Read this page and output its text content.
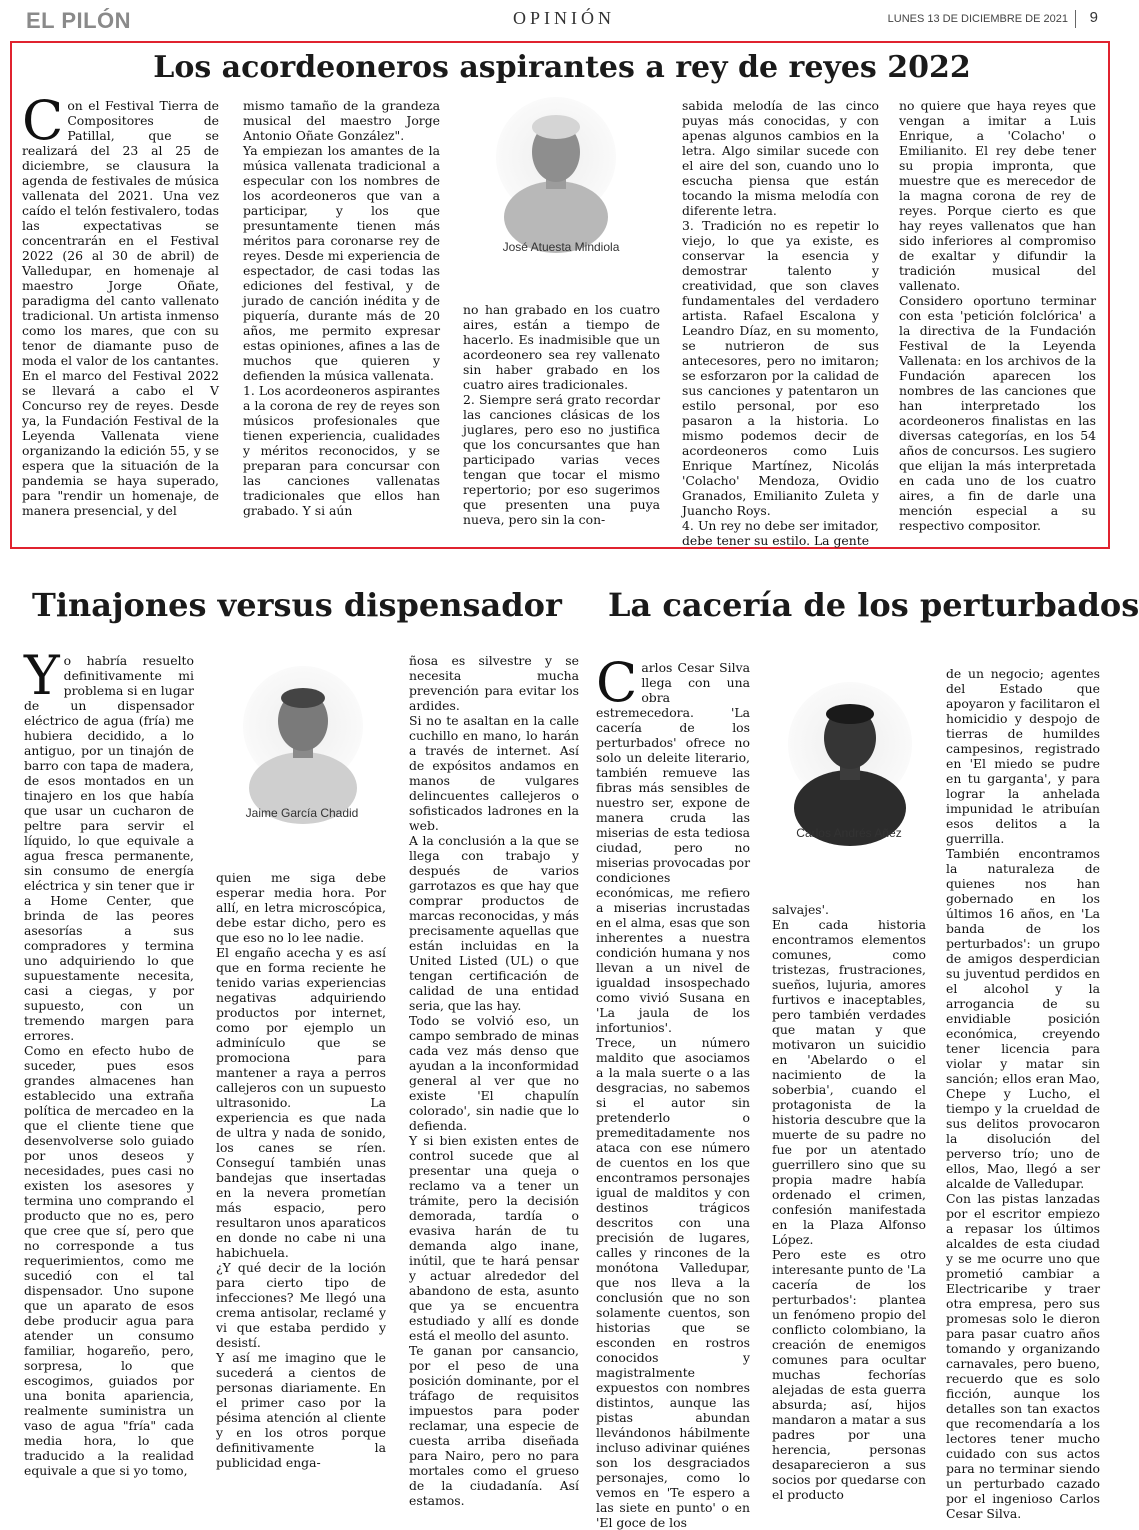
EL PILÓN	OPINIÓN	LUNES 13 DE DICIEMBRE DE 2021 9
Los acordeoneros aspirantes a rey de reyes 2022
C on el Festival Tierra de Compositores de Patillal, que se realizará del 23 al 25 de diciembre, se clausura la agenda de festivales de música vallenata del 2021. Una vez caído el telón festivalero, todas las expectativas se concentrarán en el Festival 2022 (26 al 30 de abril) de Valledupar, en homenaje al maestro Jorge Oñate, paradigma del canto vallenato tradicional. Un artista inmenso como los mares, que con su tenor de diamante puso de moda el valor de los cantantes. En el marco del Festival 2022 se llevará a cabo el V Concurso rey de reyes. Desde ya, la Fundación Festival de la Leyenda Vallenata viene organizando la edición 55, y se espera que la situación de la pandemia se haya superado, para "rendir un homenaje, de manera presencial, y del

mismo tamaño de la grandeza musical del maestro Jorge Antonio Oñate González".

Ya empiezan los amantes de la música vallenata tradicional a especular con los nombres de los acordeoneros que van a participar, y los que presuntamente tienen más méritos para coronarse rey de reyes. Desde mi experiencia de espectador, de casi todas las ediciones del festival, y de jurado de canción inédita y de piquería, durante más de 20 años, me permito expresar estas opiniones, afines a las de muchos que quieren y defienden la música vallenata.

1. Los acordeoneros aspirantes a la corona de rey de reyes son músicos profesionales que tienen experiencia, cualidades y méritos reconocidos, y se preparan para concursar con las canciones vallenatas tradicionales que ellos han grabado. Y si aún

José Atuesta Mindiola

no han grabado en los cuatro aires, están a tiempo de hacerlo. Es inadmisible que un acordeonero sea rey vallenato sin haber grabado en los cuatro aires tradicionales.

2. Siempre será grato recordar las canciones clásicas de los juglares, pero eso no justifica que los concursantes que han participado varias veces tengan que tocar el mismo repertorio; por eso sugerimos que presenten una puya nueva, pero sin la con-

sabida melodía de las cinco puyas más conocidas, y con apenas algunos cambios en la letra. Algo similar sucede con el aire del son, cuando uno lo escucha piensa que están tocando la misma melodía con diferente letra.

3. Tradición no es repetir lo viejo, lo que ya existe, es conservar la esencia y demostrar talento y creatividad, que son claves fundamentales del verdadero artista. Rafael Escalona y Leandro Díaz, en su momento, se nutrieron de sus antecesores, pero no imitaron; se esforzaron por la calidad de sus canciones y patentaron un estilo personal, por eso pasaron a la historia. Lo mismo podemos decir de acordeoneros como Luis Enrique Martínez, Nicolás 'Colacho' Mendoza, Ovidio Granados, Emilianito Zuleta y Juancho Roys.

4. Un rey no debe ser imitador, debe tener su estilo. La gente

no quiere que haya reyes que vengan a imitar a Luis Enrique, a 'Colacho' o Emilianito. El rey debe tener su propia impronta, que muestre que es merecedor de la magna corona de rey de reyes. Porque cierto es que hay reyes vallenatos que han sido inferiores al compromiso de exaltar y difundir la tradición musical del vallenato.

Considero oportuno terminar con esta 'petición folclórica' a la directiva de la Fundación Festival de la Leyenda Vallenata: en los archivos de la Fundación aparecen los nombres de las canciones que han interpretado los acordeoneros finalistas en las diversas categorías, en los 54 años de concursos. Les sugiero que elijan la más interpretada en cada uno de los cuatro aires, a fin de darle una mención especial a su respectivo compositor.

Tinajones versus dispensador
Y o habría resuelto definitivamente mi problema si en lugar de un dispensador eléctrico de agua (fría) me hubiera decidido, a lo antiguo, por un tinajón de barro con tapa de madera, de esos montados en un tinajero en los que había que usar un cucharon de peltre para servir el líquido, lo que equivale a agua fresca permanente, sin consumo de energía eléctrica y sin tener que ir a Home Center, que brinda de las peores asesorías a sus compradores y termina uno adquiriendo lo que supuestamente necesita, casi a ciegas, y por supuesto, con un tremendo margen para errores.

Como en efecto hubo de suceder, pues esos grandes almacenes han establecido una extraña política de mercadeo en la que el cliente tiene que desenvolverse solo guiado por unos deseos y necesidades, pues casi no existen los asesores y termina uno comprando el producto que no es, pero que cree que sí, pero que no corresponde a tus requerimientos, como me sucedió con el tal dispensador. Uno supone que un aparato de esos debe producir agua para atender un consumo familiar, hogareño, pero, sorpresa, lo que escogimos, guiados por una bonita apariencia, realmente suministra un vaso de agua "fría" cada media hora, lo que traducido a la realidad equivale a que si yo tomo,

Jaime García Chadid

quien me siga debe esperar media hora. Por allí, en letra microscópica, debe estar dicho, pero es que eso no lo lee nadie.

El engaño acecha y es así que en forma reciente he tenido varias experiencias negativas adquiriendo productos por internet, como por ejemplo un adminículo que se promociona para mantener a raya a perros callejeros con un supuesto ultrasonido. La experiencia es que nada de ultra y nada de sonido, los canes se ríen. Conseguí también unas bandejas que insertadas en la nevera prometían más espacio, pero resultaron unos aparaticos en donde no cabe ni una habichuela.

¿Y qué decir de la loción para cierto tipo de infecciones? Me llegó una crema antisolar, reclamé y vi que estaba perdido y desistí.

Y así me imagino que le sucederá a cientos de personas diariamente. En el primer caso por la pésima atención al cliente y en los otros porque definitivamente la publicidad enga-

ñosa es silvestre y se necesita mucha prevención para evitar los ardides.

Si no te asaltan en la calle cuchillo en mano, lo harán a través de internet. Así de expósitos andamos en manos de vulgares delincuentes callejeros o sofisticados ladrones en la web.

A la conclusión a la que se llega con trabajo y después de varios garrotazos es que hay que comprar productos de marcas reconocidas, y más precisamente aquellas que están incluidas en la United Listed (UL) o que tengan certificación de calidad de una entidad seria, que las hay.

Todo se volvió eso, un campo sembrado de minas cada vez más denso que ayudan a la inconformidad general al ver que no existe 'El chapulín colorado', sin nadie que lo defienda.

Y si bien existen entes de control sucede que al presentar una queja o reclamo va a tener un trámite, pero la decisión demorada, tardía o evasiva harán de tu demanda algo inane, inútil, que te hará pensar y actuar alrededor del abandono de esta, asunto que ya se encuentra estudiado y allí es donde está el meollo del asunto.

Te ganan por cansancio, por el peso de una posición dominante, por el tráfago de requisitos impuestos para poder reclamar, una especie de cuesta arriba diseñada para Nairo, pero no para mortales como el grueso de la ciudadanía. Así estamos.

La cacería de los perturbados
C arlos Cesar Silva llega con una obra estremecedora. 'La cacería de los perturbados' ofrece no solo un deleite literario, también remueve las fibras más sensibles de nuestro ser, expone de manera cruda las miserias de esta tediosa ciudad, pero no miserias provocadas por condiciones económicas, me refiero a miserias incrustadas en el alma, esas que son inherentes a nuestra condición humana y nos llevan a un nivel de igualdad insospechado como vivió Susana en 'La jaula de los infortunios'.

Trece, un número maldito que asociamos a la mala suerte o a las desgracias, no sabemos si el autor sin pretenderlo o premeditadamente nos ataca con ese número de cuentos en los que encontramos personajes igual de malditos y con destinos trágicos descritos con una precisión de lugares, calles y rincones de la monótona Valledupar, que nos lleva a la conclusión que no son solamente cuentos, son historias que se esconden en rostros conocidos y magistralmente expuestos con nombres distintos, aunque las pistas abundan llevándonos hábilmente incluso adivinar quiénes son los desgraciados personajes, como lo vemos en 'Te espero a las siete en punto' o en 'El goce de los

Carlos Andrés Añez

salvajes'.

En cada historia encontramos elementos comunes, como tristezas, frustraciones, sueños, lujuria, amores furtivos e inaceptables, pero también verdades que matan y que motivaron un suicidio en 'Abelardo o el nacimiento de la soberbia', cuando el protagonista de la historia descubre que la muerte de su padre no fue por un atentado guerrillero sino que su propia madre había ordenado el crimen, confesión manifestada en la Plaza Alfonso López.

Pero este es otro interesante punto de 'La cacería de los perturbados': plantea un fenómeno propio del conflicto colombiano, la creación de enemigos comunes para ocultar muchas fechorías alejadas de esta guerra absurda; así, hijos mandaron a matar a sus padres por una herencia, personas desaparecieron a sus socios por quedarse con el producto

de un negocio; agentes del Estado que apoyaron y facilitaron el homicidio y despojo de tierras de humildes campesinos, registrado en 'El miedo se pudre en tu garganta', y para lograr la anhelada impunidad le atribuían esos delitos a la guerrilla.

También encontramos la naturaleza de quienes nos han gobernado en los últimos 16 años, en 'La banda de los perturbados': un grupo de amigos desperdician su juventud perdidos en el alcohol y la arrogancia de su envidiable posición económica, creyendo tener licencia para violar y matar sin sanción; ellos eran Mao, Chepe y Lucho, el tiempo y la crueldad de sus delitos provocaron la disolución del perverso trío; uno de ellos, Mao, llegó a ser alcalde de Valledupar.

Con las pistas lanzadas por el escritor empiezo a repasar los últimos alcaldes de esta ciudad y se me ocurre uno que prometió cambiar a Electricaribe y traer otra empresa, pero sus promesas solo le dieron para pasar cuatro años tomando y organizando carnavales, pero bueno, recuerdo que es solo ficción, aunque los detalles son tan exactos que recomendaría a los lectores tener mucho cuidado con sus actos para no terminar siendo un perturbado cazado por el ingenioso Carlos Cesar Silva.
